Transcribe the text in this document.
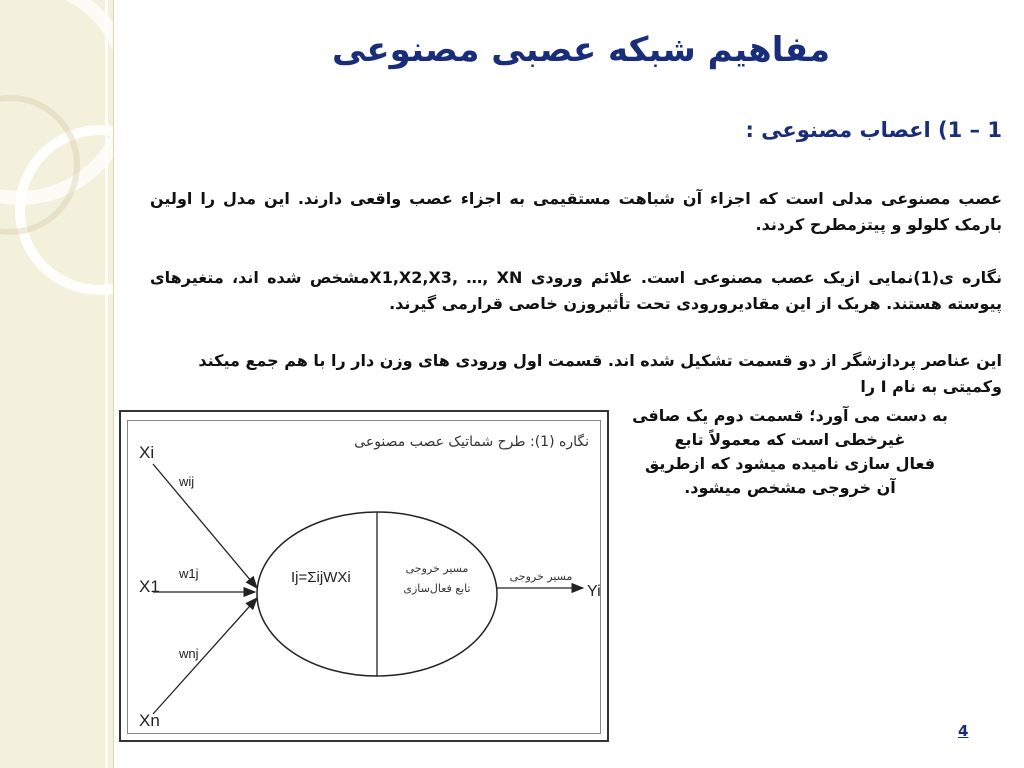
مفاهیم شبکه عصبی مصنوعی
1 – 1) اعصاب مصنوعی :
عصب مصنوعی مدلی است که اجزاء آن شباهت مستقیمی به اجزاء عصب واقعی دارند. این مدل را اولین بارمک کلولو و پیتزمطرح کردند.
نگاره ی(1)نمایی ازیک عصب مصنوعی است. علائم ورودی X1,X2,X3, …, XNمشخص شده اند، متغیرهای پیوسته هستند. هریک از این مقادیرورودی تحت تأثیروزن خاصی قرارمی گیرند.
این عناصر پردازشگر از دو قسمت تشکیل شده اند. قسمت اول ورودی های وزن دار را با هم جمع میکند
وکمیتی به نام I را
به دست می آورد؛ قسمت دوم یک صافی
غیرخطی است که معمولاً تابع
فعال سازی نامیده میشود که ازطریق
آن خروجی مشخص میشود.
نگاره (1): طرح شماتیک عصب مصنوعی
Xi
X1
Xn
wij
w1j
wnj
Ij=ΣijWXi
مسیر خروجی
تابع فعال‌سازی
مسیر خروجی
Yi
4
